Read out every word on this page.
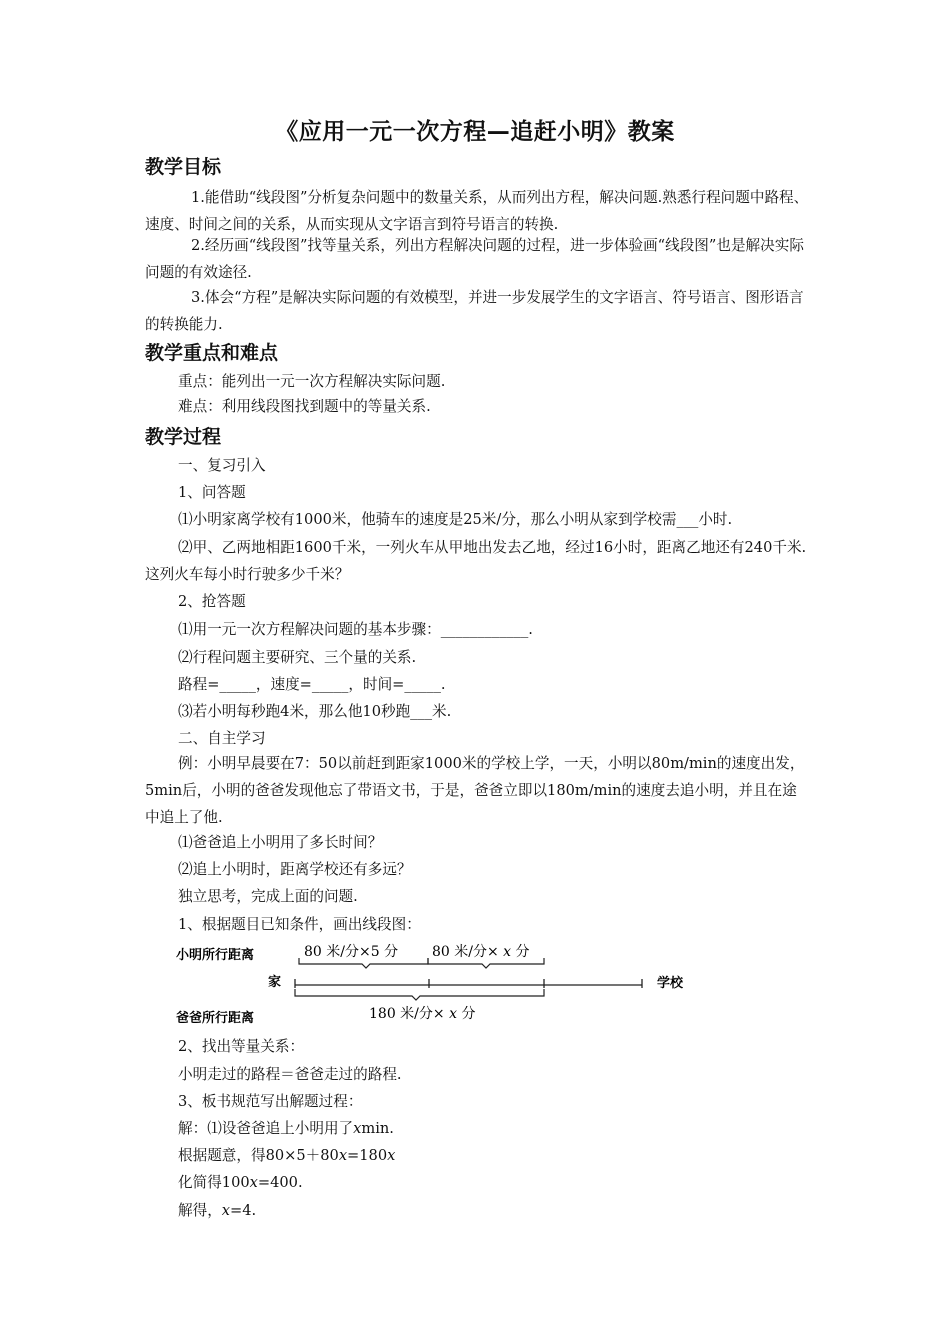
《应用一元一次方程—追赶小明》教案
教学目标

1.能借助“线段图”分析复杂问题中的数量关系，从而列出方程，解决问题.熟悉行程问题中路程、速度、时间之间的关系，从而实现从文字语言到符号语言的转换.

2.经历画“线段图”找等量关系，列出方程解决问题的过程，进一步体验画“线段图”也是解决实际问题的有效途径.

3.体会“方程”是解决实际问题的有效模型，并进一步发展学生的文字语言、符号语言、图形语言的转换能力.

教学重点和难点
重点：能列出一元一次方程解决实际问题.
难点：利用线段图找到题中的等量关系.
教学过程
一、复习引入
1、问答题
⑴小明家离学校有1000米，他骑车的速度是25米/分，那么小明从家到学校需___小时.

⑵甲、乙两地相距1600千米，一列火车从甲地出发去乙地，经过16小时，距离乙地还有240千米.这列火车每小时行驶多少千米？

2、抢答题
⑴用一元一次方程解决问题的基本步骤：____________.
⑵行程问题主要研究、三个量的关系.
路程=_____，速度=_____，时间=_____.
⑶若小明每秒跑4米，那么他10秒跑___米.
二、自主学习

例：小明早晨要在7：50以前赶到距家1000米的学校上学，一天，小明以80m/min的速度出发，5min后，小明的爸爸发现他忘了带语文书，于是，爸爸立即以180m/min的速度去追小明，并且在途中追上了他.

⑴爸爸追上小明用了多长时间？
⑵追上小明时，距离学校还有多远？
独立思考，完成上面的问题.
1、根据题目已知条件，画出线段图：
小明所行距离
家	学校
爸爸所行距离
80 米/分×5 分 80 米/分× x 分
180 米/分× x 分
2、找出等量关系：
小明走过的路程＝爸爸走过的路程.
3、板书规范写出解题过程：
解：⑴设爸爸追上小明用了xmin.
根据题意，得80×5＋80x=180x
化简得100x=400.
解得，x=4.
